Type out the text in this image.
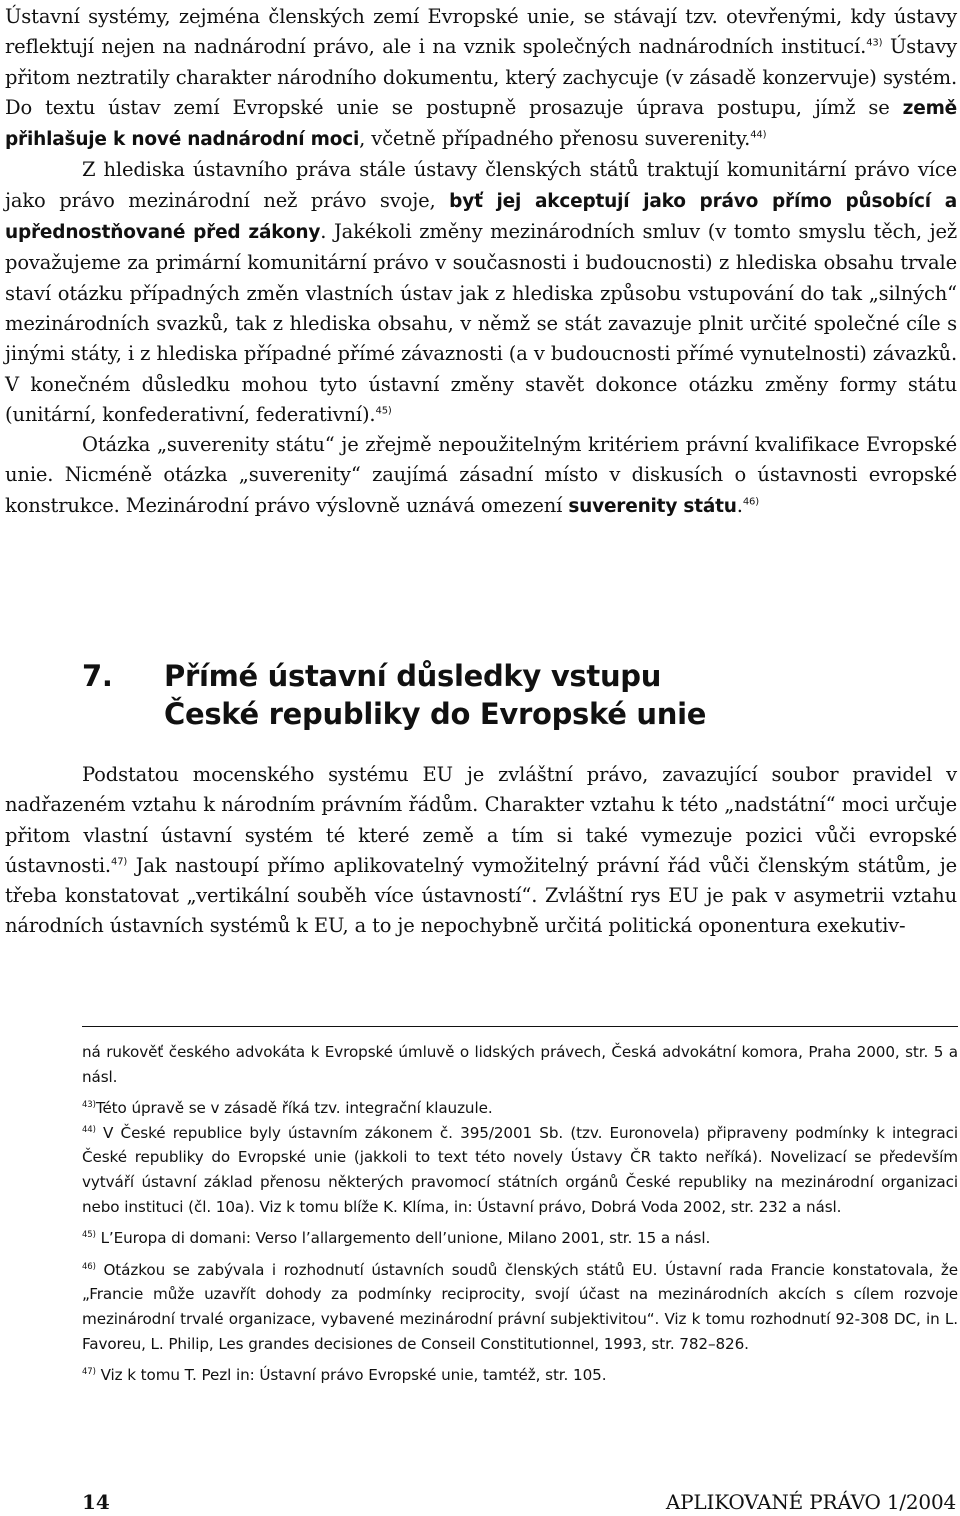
Ústavní systémy, zejména členských zemí Evropské unie, se stávají tzv. otevřenými, kdy ústavy reflektují nejen na nadnárodní právo, ale i na vznik společných nadnárodních institucí.$^{43)}$ Ústavy přitom neztratily charakter národního dokumentu, který zachycuje (v zásadě konzervuje) systém. Do textu ústav zemí Evropské unie se postupně prosazuje úprava postupu, jímž se země přihlašuje k nové nadnárodní moci, včetně případného přenosu suverenity.$^{44)}$

Z hlediska ústavního práva stále ústavy členských států traktují komunitární právo více jako právo mezinárodní než právo svoje, byť jej akceptují jako právo přímo působící a upřednostňované před zákony. Jakékoli změny mezinárodních smluv (v tomto smyslu těch, jež považujeme za primární komunitární právo v současnosti i budoucnosti) z hlediska obsahu trvale staví otázku případných změn vlastních ústav jak z hlediska způsobu vstupování do tak „silných“ mezinárodních svazků, tak z hlediska obsahu, v němž se stát zavazuje plnit určité společné cíle s jinými státy, i z hlediska případné přímé závaznosti (a v budoucnosti přímé vynutelnosti) závazků. V konečném důsledku mohou tyto ústavní změny stavět dokonce otázku změny formy státu (unitární, konfederativní, federativní).$^{45)}$

Otázka „suverenity státu“ je zřejmě nepoužitelným kritériem právní kvalifikace Evropské unie. Nicméně otázka „suverenity“ zaujímá zásadní místo v diskusích o ústavnosti evropské konstrukce. Mezinárodní právo výslovně uznává omezení suverenity státu.$^{46)}$

7. Přímé ústavní důsledky vstupu
České republiky do Evropské unie

Podstatou mocenského systému EU je zvláštní právo, zavazující soubor pravidel v nadřazeném vztahu k národním právním řádům. Charakter vztahu k této „nadstátní“ moci určuje přitom vlastní ústavní systém té které země a tím si také vymezuje pozici vůči evropské ústavnosti.$^{47)}$ Jak nastoupí přímo aplikovatelný vymožitelný právní řád vůči členským státům, je třeba konstatovat „vertikální souběh více ústavností“. Zvláštní rys EU je pak v asymetrii vztahu národních ústavních systémů k EU, a to je nepochybně určitá politická oponentura exekutiv-

ná rukověť českého advokáta k Evropské úmluvě o lidských právech, Česká advokátní komora, Praha 2000, str. 5 a násl.

$^{43)}$Této úpravě se v zásadě říká tzv. integrační klauzule.

$^{44)}$ V České republice byly ústavním zákonem č. 395/2001 Sb. (tzv. Euronovela) připraveny podmínky k integraci České republiky do Evropské unie (jakkoli to text této novely Ústavy ČR takto neříká). Novelizací se především vytváří ústavní základ přenosu některých pravomocí státních orgánů České republiky na mezinárodní organizaci nebo instituci (čl. 10a). Viz k tomu blíže K. Klíma, in: Ústavní právo, Dobrá Voda 2002, str. 232 a násl.

$^{45)}$ L’Europa di domani: Verso l’allargemento dell’unione, Milano 2001, str. 15 a násl.

$^{46)}$ Otázkou se zabývala i rozhodnutí ústavních soudů členských států EU. Ústavní rada Francie konstatovala, že „Francie může uzavřít dohody za podmínky reciprocity, svojí účast na mezinárodních akcích s cílem rozvoje mezinárodní trvalé organizace, vybavené mezinárodní právní subjektivitou“. Viz k tomu rozhodnutí 92-308 DC, in L. Favoreu, L. Philip, Les grandes decisiones de Conseil Constitutionnel, 1993, str. 782–826.

$^{47)}$ Viz k tomu T. Pezl in: Ústavní právo Evropské unie, tamtéž, str. 105.

14	APLIKOVANÉ PRÁVO 1/2004
